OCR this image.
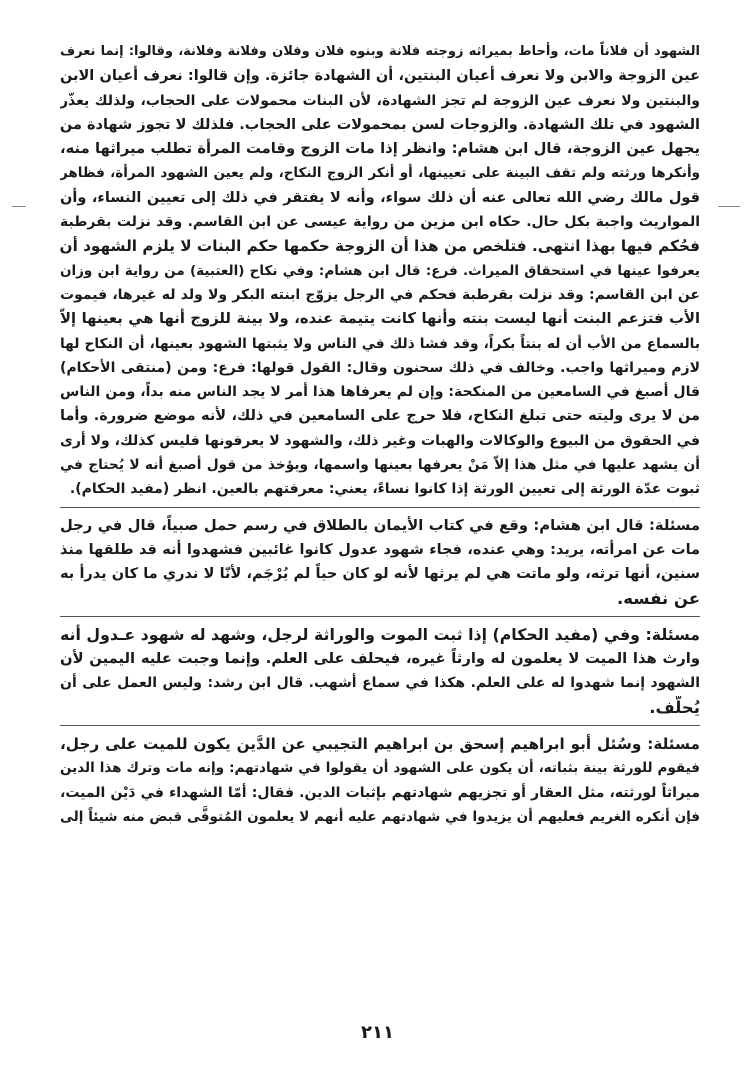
الشهود أن فلاناً مات، وأحاط بميراثه زوجته فلانة وبنوه فلان وفلان وفلانة وفلانة، وقالوا: إنما نعرف
عين الزوجة والابن ولا نعرف أعيان البنتين، أن الشهادة جائزة. وإن قالوا: نعرف أعيان الابن
والبنتين ولا نعرف عين الزوجة لم تجز الشهادة، لأن البنات محمولات على الحجاب، ولذلك يعذّر
الشهود في تلك الشهادة. والزوجات لسن بمحمولات على الحجاب. فلذلك لا تجوز شهادة من
يجهل عين الزوجة، قال ابن هشام: وانظر إذا مات الزوج وقامت المرأة تطلب ميراثها منه،
وأنكرها ورثته ولم تقف البينة على تعيينها، أو أنكر الزوج النكاح، ولم يعين الشهود المرأة، فظاهر
قول مالك رضي الله تعالى عنه أن ذلك سواء، وأنه لا يفتقر في ذلك إلى تعيين النساء، وأن
المواريث واجبة بكل حال. حكاه ابن مزين من رواية عيسى عن ابن القاسم. وقد نزلت بقرطبة
فحُكم فيها بهذا انتهى. فتلخص من هذا أن الزوجة حكمها حكم البنات لا يلزم الشهود أن
يعرفوا عينها في استحقاق الميراث. فرع: قال ابن هشام: وفي نكاح (العتبية) من رواية ابن وزان
عن ابن القاسم: وقد نزلت بقرطبة فحكم في الرجل يزوّج ابنته البكر ولا ولد له غيرها، فيموت
الأب فتزعم البنت أنها ليست بنته وأنها كانت يتيمة عنده، ولا بينة للزوج أنها هي بعينها إلاّ
بالسماع من الأب أن له بنتاً بكراً، وقد فشا ذلك في الناس ولا يثبتها الشهود بعينها، أن النكاح لها
لازم وميراثها واجب. وخالف في ذلك سحنون وقال: القول قولها: فرع: ومن (منتقى الأحكام)
قال أصبغ في السامعين من المنكحة: وإن لم يعرفاها هذا أمر لا يجد الناس منه بداً، ومن الناس
من لا يرى وليته حتى تبلغ النكاح، فلا حرج على السامعين في ذلك، لأنه موضع ضرورة. وأما
في الحقوق من البيوع والوكالات والهبات وغير ذلك، والشهود لا يعرفونها فليس كذلك، ولا أرى
أن يشهد عليها في مثل هذا إلاّ مَنْ يعرفها بعينها واسمها، ويؤخذ من قول أصبغ أنه لا يُحتاج في
ثبوت عدّة الورثة إلى تعيين الورثة إذا كانوا نساءً، يعني: معرفتهم بالعين. انظر (مفيد الحكام).
مسئلة: قال ابن هشام: وقع في كتاب الأيمان بالطلاق في رسم حمل صبياً، قال في رجل
مات عن امرأته، يريد: وهي عنده، فجاء شهود عدول كانوا غائبين فشهدوا أنه قد طلقها منذ
سنين، أنها ترثه، ولو ماتت هي لم يرثها لأنه لو كان حياً لم يُرْجَم، لأنّا لا ندري ما كان يدرأ به
عن نفسه.
مسئلة: وفي (مفيد الحكام) إذا ثبت الموت والوراثة لرجل، وشهد له شهود عـدول أنه
وارث هذا الميت لا يعلمون له وارثاً غيره، فيحلف على العلم. وإنما وجبت عليه اليمين لأن
الشهود إنما شهدوا له على العلم. هكذا في سماع أشهب. قال ابن رشد: وليس العمل على أن
يُحلَّف.
مسئلة: وسُئل أبو ابراهيم إسحق بن ابراهيم التجيبي عن الدَّين يكون للميت على رجل،
فيقوم للورثة بينة بثباته، أن يكون على الشهود أن يقولوا في شهادتهم: وإنه مات وترك هذا الدين
ميراثاً لورثته، مثل العقار أو تجزيهم شهادتهم بإثبات الدين. فقال: أمّا الشهداء في دَيْن الميت،
فإن أنكره الغريم فعليهم أن يزيدوا في شهادتهم عليه أنهم لا يعلمون المُتوفَّى قبض منه شيئاً إلى
٢١١
